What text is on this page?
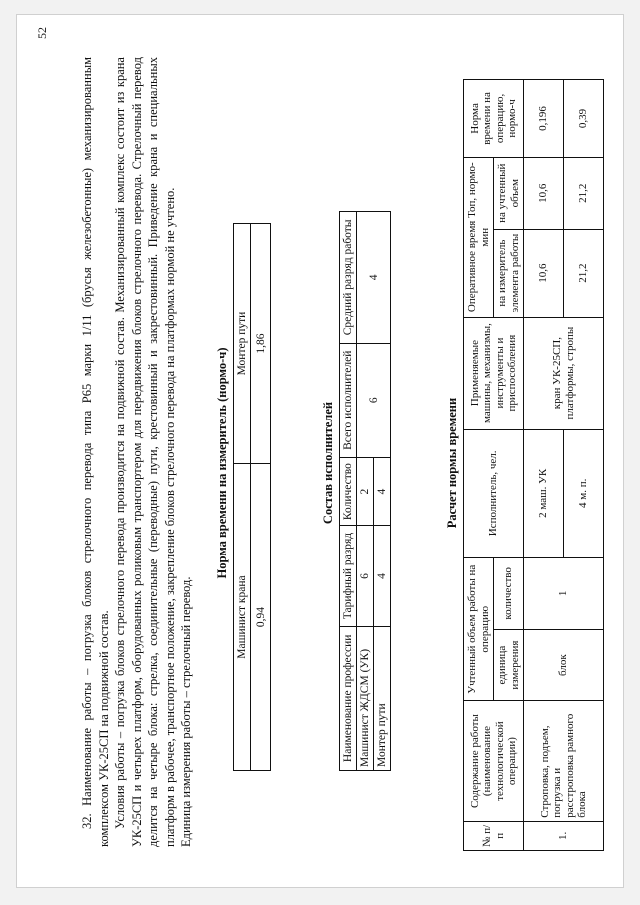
52

32. Наименование работы – погрузка блоков стрелочного перевода типа Р65 марки 1/11 (брусья железобетонные) механизированным комплексом УК-25СП на подвижной состав. Условия работы – погрузка блоков стрелочного перевода производится на подвижной состав. Механизированный комплекс состоит из крана УК-25СП и четырех платформ, оборудованных роликовым транспортером для передвижения блоков стрелочного перевода. Стрелочный перевод делится на четыре блока: стрелка, соединительные (переводные) пути, крестовинный и закрестовинный. Приведение крана и специальных платформ в рабочее, транспортное положение, закрепление блоков стрелочного перевода на платформах нормой не учтено. Единица измерения работы – стрелочный перевод.

Норма времени на измеритель (нормо-ч)
Машинист крана	Монтер пути
0,94	1,86
Состав исполнителей
Наименование профессии	Тарифный разряд	Количество	Всего исполнителей	Средний разряд работы
Машинист ЖДСМ (УК)	6	2	6	4
Монтер пути	4	4			Расчет нормы времени
№ п/п	Содержание работы (наименование технологической операции)	Учтенный объем работы на операцию		Исполнитель, чел.	Применяемые машины, механизмы, инструменты и приспособления	Оперативное время Топ, нормо-мин		Норма времени на операцию, нормо-ч
		единица измерения	количество			на измеритель элемента работы	на учтенный объем	
1.	Строповка, подъем, погрузка и расстроповка рамного блока	блок	1	2 маш. УК	кран УК-25СП, платформы, стропы	10,6	10,6	0,196
				4 м. п.		21,2	21,2	0,39
